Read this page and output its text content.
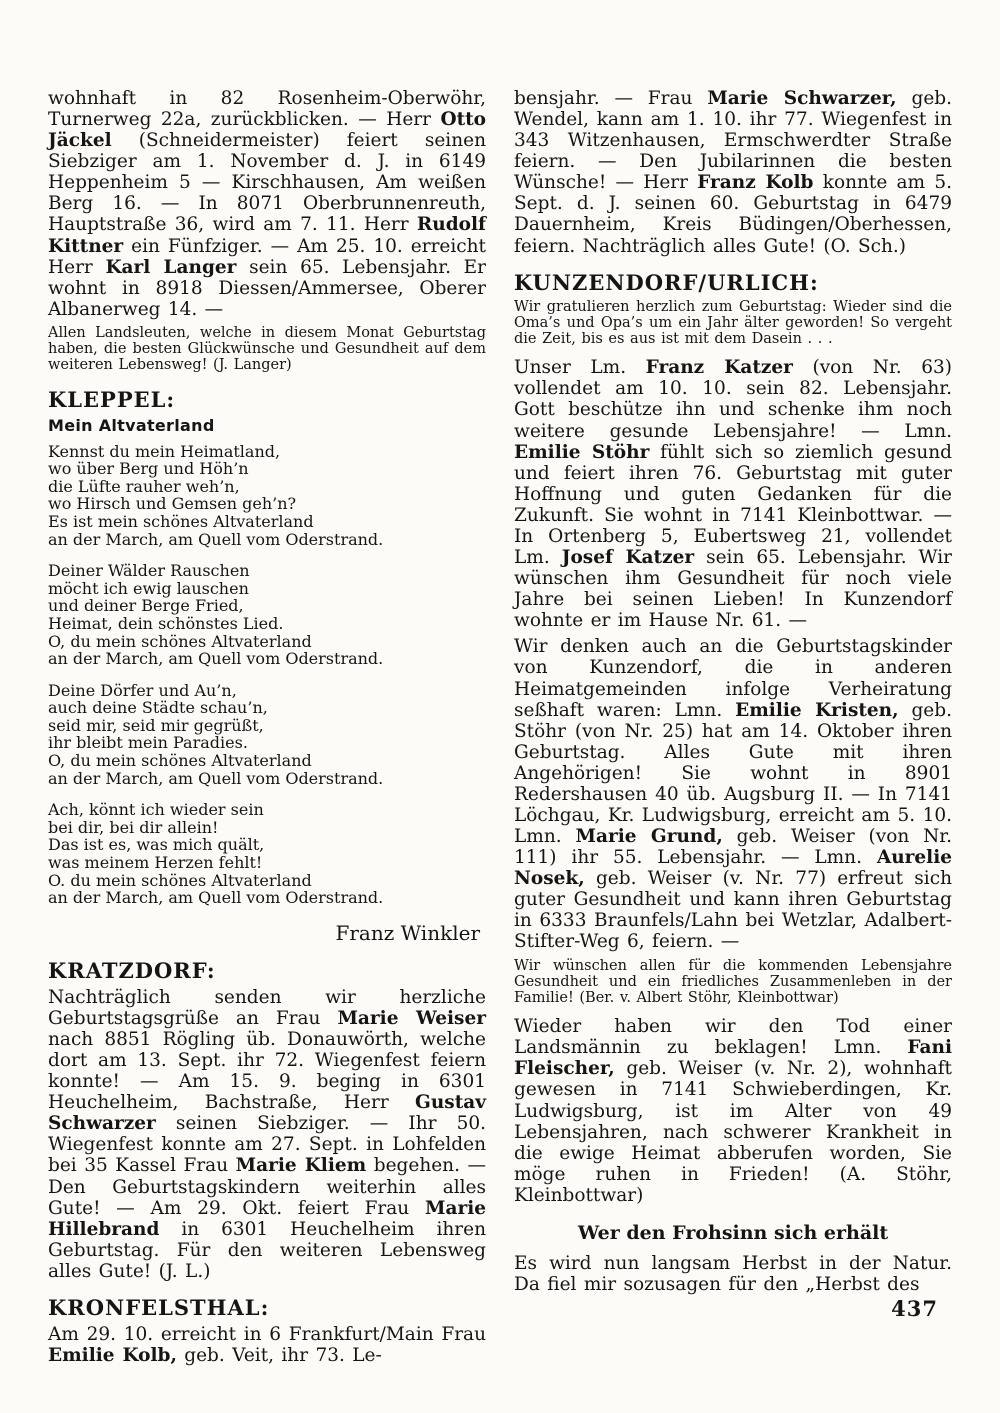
wohnhaft in 82 Rosenheim-Oberwöhr, Turnerweg 22a, zurückblicken. — Herr Otto Jäckel (Schneidermeister) feiert seinen Siebziger am 1. November d. J. in 6149 Heppenheim 5 — Kirschhausen, Am weißen Berg 16. — In 8071 Oberbrunnenreuth, Hauptstraße 36, wird am 7. 11. Herr Rudolf Kittner ein Fünfziger. — Am 25. 10. erreicht Herr Karl Langer sein 65. Lebensjahr. Er wohnt in 8918 Diessen/Ammersee, Oberer Albanerweg 14. —

Allen Landsleuten, welche in diesem Monat Geburtstag haben, die besten Glückwünsche und Gesundheit auf dem weiteren Lebensweg! (J. Langer)

KLEPPEL:
Mein Altvaterland
Kennst du mein Heimatland,
wo über Berg und Höh’n
die Lüfte rauher weh’n,
wo Hirsch und Gemsen geh’n?
Es ist mein schönes Altvaterland
an der March, am Quell vom Oderstrand.
Deiner Wälder Rauschen
möcht ich ewig lauschen
und deiner Berge Fried,
Heimat, dein schönstes Lied.
O, du mein schönes Altvaterland
an der March, am Quell vom Oderstrand.
Deine Dörfer und Au’n,
auch deine Städte schau’n,
seid mir, seid mir gegrüßt,
ihr bleibt mein Paradies.
O, du mein schönes Altvaterland
an der March, am Quell vom Oderstrand.
Ach, könnt ich wieder sein
bei dir, bei dir allein!
Das ist es, was mich quält,
was meinem Herzen fehlt!
O. du mein schönes Altvaterland
an der March, am Quell vom Oderstrand.
Franz Winkler
KRATZDORF:

Nachträglich senden wir herzliche Geburtstagsgrüße an Frau Marie Weiser nach 8851 Rögling üb. Donauwörth, welche dort am 13. Sept. ihr 72. Wiegenfest feiern konnte! — Am 15. 9. beging in 6301 Heuchelheim, Bachstraße, Herr Gustav Schwarzer seinen Siebziger. — Ihr 50. Wiegenfest konnte am 27. Sept. in Lohfelden bei 35 Kassel Frau Marie Kliem begehen. — Den Geburtstagskindern weiterhin alles Gute! — Am 29. Okt. feiert Frau Marie Hillebrand in 6301 Heuchelheim ihren Geburtstag. Für den weiteren Lebensweg alles Gute! (J. L.)

KRONFELSTHAL:

Am 29. 10. erreicht in 6 Frankfurt/Main Frau Emilie Kolb, geb. Veit, ihr 73. Le-

bensjahr. — Frau Marie Schwarzer, geb. Wendel, kann am 1. 10. ihr 77. Wiegenfest in 343 Witzenhausen, Ermschwerdter Straße feiern. — Den Jubilarinnen die besten Wünsche! — Herr Franz Kolb konnte am 5. Sept. d. J. seinen 60. Geburtstag in 6479 Dauernheim, Kreis Büdingen/Oberhessen, feiern. Nachträglich alles Gute! (O. Sch.)

KUNZENDORF/URLICH:

Wir gratulieren herzlich zum Geburtstag: Wieder sind die Oma’s und Opa’s um ein Jahr älter geworden! So vergeht die Zeit, bis es aus ist mit dem Dasein . . .

Unser Lm. Franz Katzer (von Nr. 63) vollendet am 10. 10. sein 82. Lebensjahr. Gott beschütze ihn und schenke ihm noch weitere gesunde Lebensjahre! — Lmn. Emilie Stöhr fühlt sich so ziemlich gesund und feiert ihren 76. Geburtstag mit guter Hoffnung und guten Gedanken für die Zukunft. Sie wohnt in 7141 Kleinbottwar. — In Ortenberg 5, Eubertsweg 21, vollendet Lm. Josef Katzer sein 65. Lebensjahr. Wir wünschen ihm Gesundheit für noch viele Jahre bei seinen Lieben! In Kunzendorf wohnte er im Hause Nr. 61. —

Wir denken auch an die Geburtstagskinder von Kunzendorf, die in anderen Heimatgemeinden infolge Verheiratung seßhaft waren: Lmn. Emilie Kristen, geb. Stöhr (von Nr. 25) hat am 14. Oktober ihren Geburtstag. Alles Gute mit ihren Angehörigen! Sie wohnt in 8901 Redershausen 40 üb. Augsburg II. — In 7141 Löchgau, Kr. Ludwigsburg, erreicht am 5. 10. Lmn. Marie Grund, geb. Weiser (von Nr. 111) ihr 55. Lebensjahr. — Lmn. Aurelie Nosek, geb. Weiser (v. Nr. 77) erfreut sich guter Gesundheit und kann ihren Geburtstag in 6333 Braunfels/Lahn bei Wetzlar, Adalbert-Stifter-Weg 6, feiern. —

Wir wünschen allen für die kommenden Lebensjahre Gesundheit und ein friedliches Zusammenleben in der Familie! (Ber. v. Albert Stöhr, Kleinbottwar)

Wieder haben wir den Tod einer Landsmännin zu beklagen! Lmn. Fani Fleischer, geb. Weiser (v. Nr. 2), wohnhaft gewesen in 7141 Schwieberdingen, Kr. Ludwigsburg, ist im Alter von 49 Lebensjahren, nach schwerer Krankheit in die ewige Heimat abberufen worden, Sie möge ruhen in Frieden! (A. Stöhr, Kleinbottwar)

Wer den Frohsinn sich erhält

Es wird nun langsam Herbst in der Natur. Da fiel mir sozusagen für den „Herbst des

437
